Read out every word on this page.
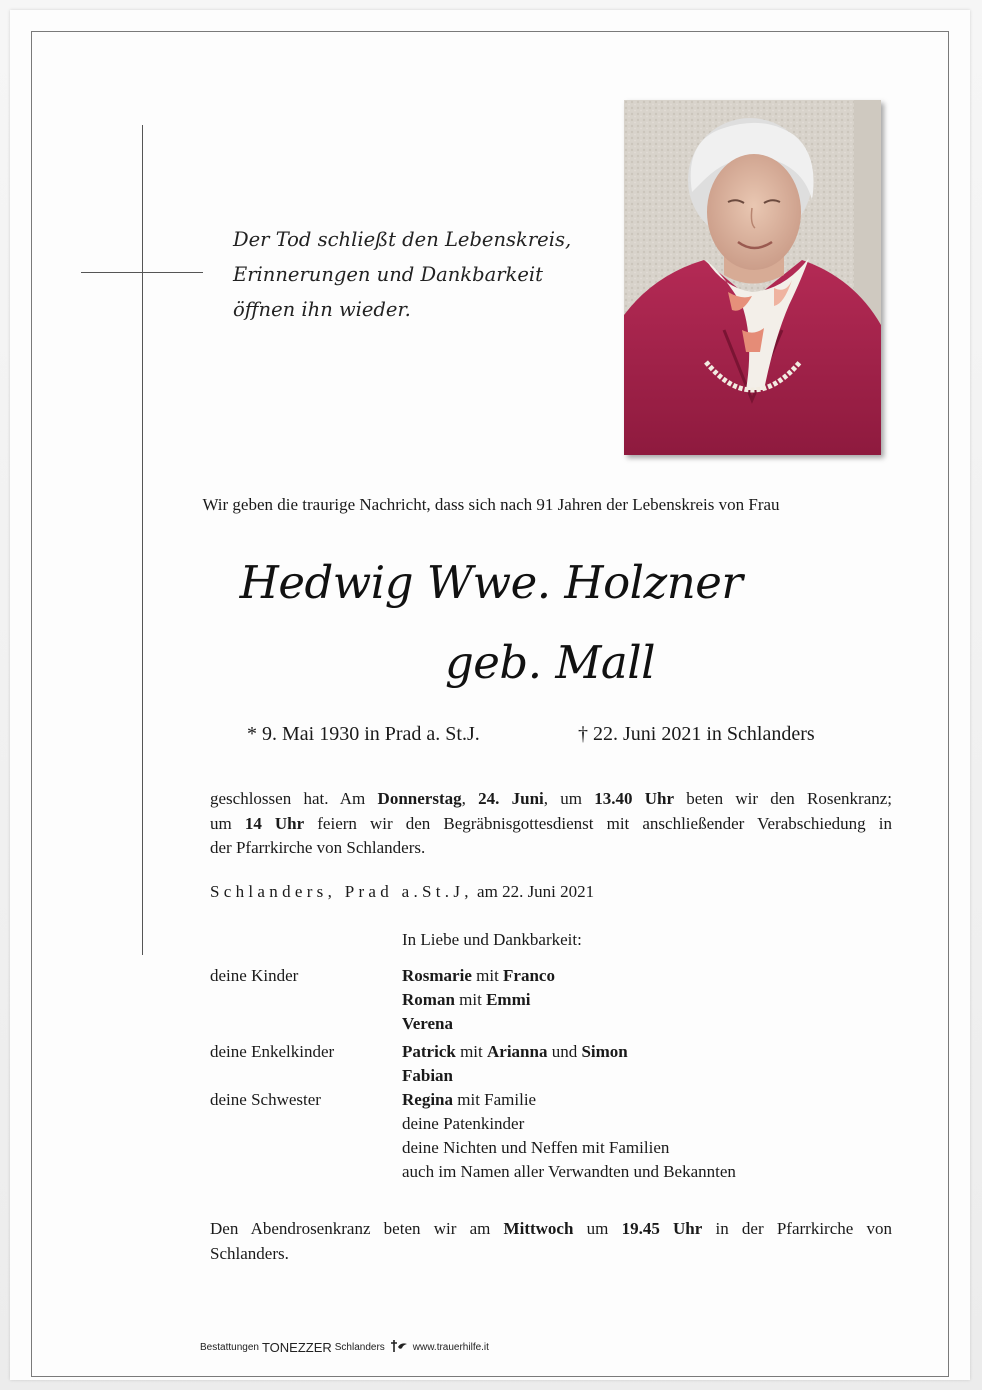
Der Tod schließt den Lebenskreis,
Erinnerungen und Dankbarkeit
öffnen ihn wieder.
Wir geben die traurige Nachricht, dass sich nach 91 Jahren der Lebenskreis von Frau
Hedwig Wwe. Holzner
geb. Mall
* 9. Mai 1930 in Prad a. St.J.	† 22. Juni 2021 in Schlanders
geschlossen hat. Am Donnerstag, 24. Juni, um 13.40 Uhr beten wir den Rosenkranz;
um 14 Uhr feiern wir den Begräbnisgottesdienst mit anschließender Verabschiedung in
der Pfarrkirche von Schlanders.
Schlanders, Prad a.St.J, am 22. Juni 2021
In Liebe und Dankbarkeit:
deine Kinder	Rosmarie mit Franco
Roman mit Emmi
Verena
deine Enkelkinder	Patrick mit Arianna und Simon
Fabian
deine Schwester	Regina mit Familie
deine Patenkinder
deine Nichten und Neffen mit Familien
auch im Namen aller Verwandten und Bekannten
Den Abendrosenkranz beten wir am Mittwoch um 19.45 Uhr in der Pfarrkirche von
Schlanders.
Bestattungen TONEZZER Schlanders	www.trauerhilfe.it
